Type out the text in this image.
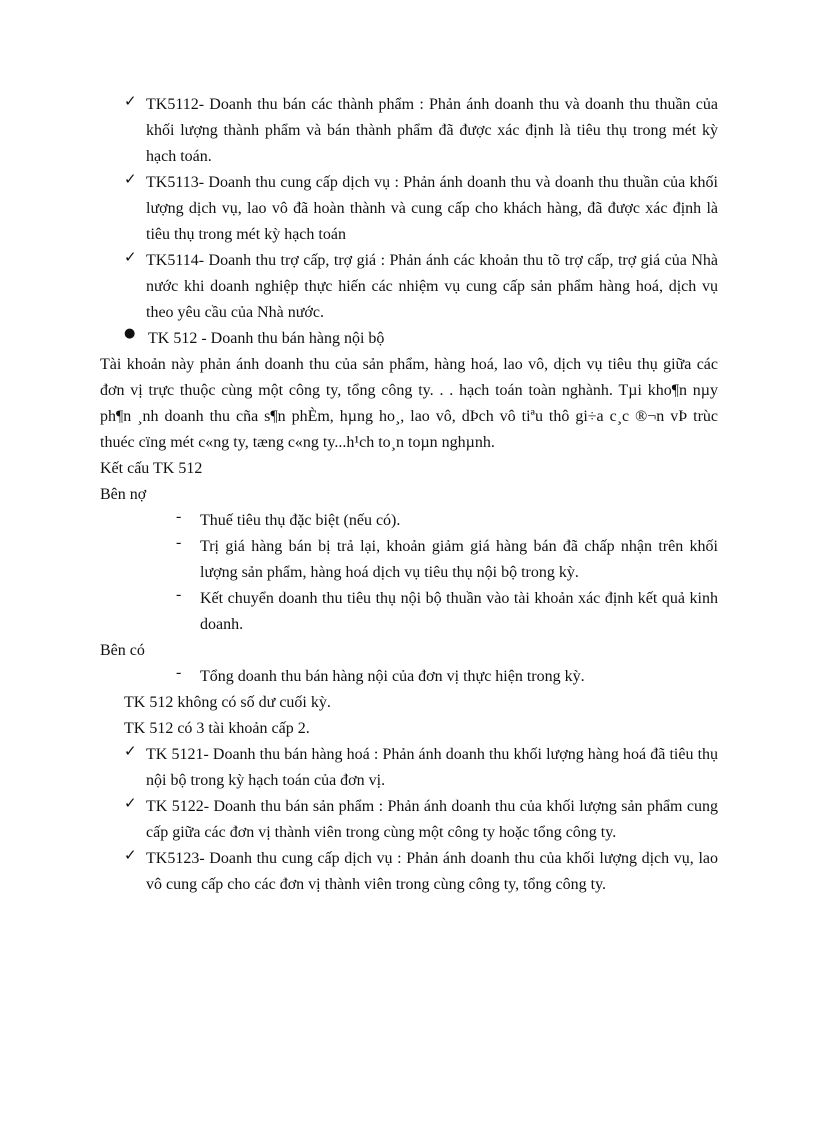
✓ TK5112- Doanh thu bán các thành phẩm : Phản ánh doanh thu và doanh thu thuần của khối lượng thành phẩm và bán thành phẩm đã được xác định là tiêu thụ trong mét kỳ hạch toán.

✓ TK5113- Doanh thu cung cấp dịch vụ : Phản ánh doanh thu và doanh thu thuần của khối lượng dịch vụ, lao vô đã hoàn thành và cung cấp cho khách hàng, đã được xác định là tiêu thụ trong mét kỳ hạch toán

✓ TK5114- Doanh thu trợ cấp, trợ giá : Phản ánh các khoản thu tõ trợ cấp, trợ giá của Nhà nước khi doanh nghiệp thực hiến các nhiệm vụ cung cấp sản phẩm hàng hoá, dịch vụ theo yêu cầu của Nhà nước.

● TK 512 - Doanh thu bán hàng nội bộ

Tài khoản này phản ánh doanh thu của sản phẩm, hàng hoá, lao vô, dịch vụ tiêu thụ giữa các đơn vị trực thuộc cùng một công ty, tổng công ty. . . hạch toán toàn nghành. Tµi kho¶n nµy ph¶n ¸nh doanh thu cña s¶n phÈm, hµng ho¸, lao vô, dÞch vô tiªu thô gi÷a c¸c ®¬n vÞ trùc thuéc cïng mét c«ng ty, tæng c«ng ty...h¹ch to¸n toµn nghµnh.

Kết cấu TK 512

Bên nợ

- Thuế tiêu thụ đặc biệt (nếu có).

- Trị giá hàng bán bị trả lại, khoản giảm giá hàng bán đã chấp nhận trên khối lượng sản phẩm, hàng hoá dịch vụ tiêu thụ nội bộ trong kỳ.

- Kết chuyển doanh thu tiêu thụ nội bộ thuần vào tài khoản xác định kết quả kinh doanh.

Bên có

- Tổng doanh thu bán hàng nội của đơn vị thực hiện trong kỳ.

TK 512 không có số dư cuối kỳ.

TK 512 có 3 tài khoản cấp 2.

✓ TK 5121- Doanh thu bán hàng hoá : Phản ánh doanh thu khối lượng hàng hoá đã tiêu thụ nội bộ trong kỳ hạch toán của đơn vị.

✓ TK 5122- Doanh thu bán sản phẩm : Phản ánh doanh thu của khối lượng sản phẩm cung cấp giữa các đơn vị thành viên trong cùng một công ty hoặc tổng công ty.

✓ TK5123- Doanh thu cung cấp dịch vụ : Phản ánh doanh thu của khối lượng dịch vụ, lao vô cung cấp cho các đơn vị thành viên trong cùng công ty, tổng công ty.
